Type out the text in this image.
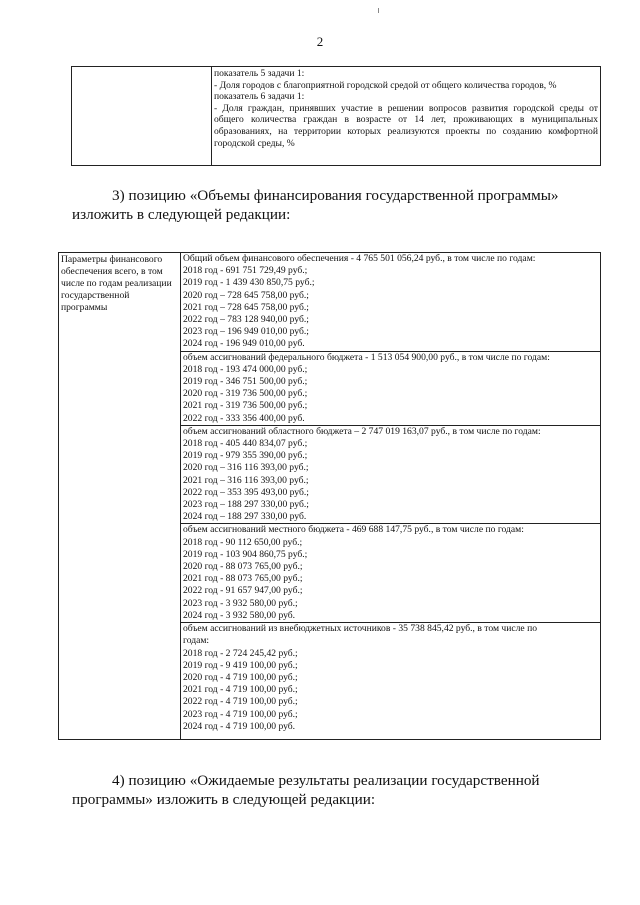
2
показатель 5 задачи 1:
- Доля городов с благоприятной городской средой от общего количества городов, %
показатель 6 задачи 1:
- Доля граждан, принявших участие в решении вопросов развития городской среды от общего количества граждан в возрасте от 14 лет, проживающих в муниципальных образованиях, на территории которых реализуются проекты по созданию комфортной городской среды, %
3) позицию «Объемы финансирования государственной программы»
изложить в следующей редакции:
Параметры финансового обеспечения всего, в том числе по годам реализации государственной программы
Общий объем финансового обеспечения - 4 765 501 056,24 руб., в том числе по годам:
2018 год - 691 751 729,49 руб.;
2019 год - 1 439 430 850,75 руб.;
2020 год – 728 645 758,00 руб.;
2021 год – 728 645 758,00 руб.;
2022 год – 783 128 940,00 руб.;
2023 год – 196 949 010,00 руб.;
2024 год - 196 949 010,00 руб.
объем ассигнований федерального бюджета - 1 513 054 900,00 руб., в том числе по годам:
2018 год - 193 474 000,00 руб.;
2019 год - 346 751 500,00 руб.;
2020 год - 319 736 500,00 руб.;
2021 год - 319 736 500,00 руб.;
2022 год - 333 356 400,00 руб.
объем ассигнований областного бюджета – 2 747 019 163,07 руб., в том числе по годам:
2018 год - 405 440 834,07 руб.;
2019 год - 979 355 390,00 руб.;
2020 год – 316 116 393,00 руб.;
2021 год – 316 116 393,00 руб.;
2022 год – 353 395 493,00 руб.;
2023 год – 188 297 330,00 руб.;
2024 год – 188 297 330,00 руб.
объем ассигнований местного бюджета - 469 688 147,75 руб., в том числе по годам:
2018 год - 90 112 650,00 руб.;
2019 год - 103 904 860,75 руб.;
2020 год - 88 073 765,00 руб.;
2021 год - 88 073 765,00 руб.;
2022 год - 91 657 947,00 руб.;
2023 год - 3 932 580,00 руб.;
2024 год - 3 932 580,00 руб.
объем ассигнований из внебюджетных источников - 35 738 845,42 руб., в том числе по
годам:
2018 год - 2 724 245,42 руб.;
2019 год - 9 419 100,00 руб.;
2020 год - 4 719 100,00 руб.;
2021 год - 4 719 100,00 руб.;
2022 год - 4 719 100,00 руб.;
2023 год - 4 719 100,00 руб.;
2024 год - 4 719 100,00 руб.
4) позицию «Ожидаемые результаты реализации государственной
программы» изложить в следующей редакции:
